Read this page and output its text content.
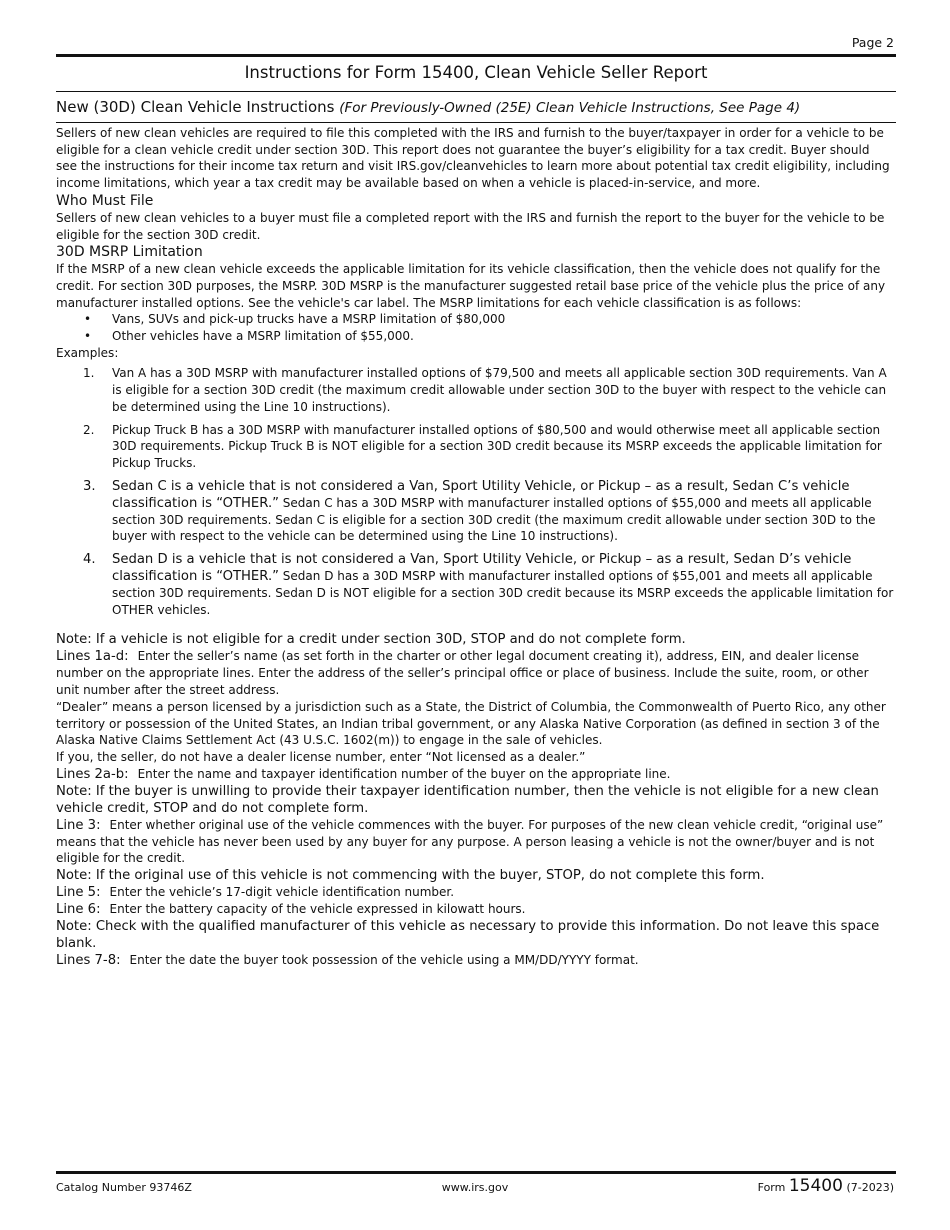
Page 2
Instructions for Form 15400, Clean Vehicle Seller Report
New (30D) Clean Vehicle Instructions (For Previously-Owned (25E) Clean Vehicle Instructions, See Page 4)

Sellers of new clean vehicles are required to file this completed with the IRS and furnish to the buyer/taxpayer in order for a vehicle to be eligible for a clean vehicle credit under section 30D. This report does not guarantee the buyer’s eligibility for a tax credit. Buyer should see the instructions for their income tax return and visit IRS.gov/cleanvehicles to learn more about potential tax credit eligibility, including income limitations, which year a tax credit may be available based on when a vehicle is placed-in-service, and more.

Who Must File

Sellers of new clean vehicles to a buyer must file a completed report with the IRS and furnish the report to the buyer for the vehicle to be eligible for the section 30D credit.

30D MSRP Limitation

If the MSRP of a new clean vehicle exceeds the applicable limitation for its vehicle classification, then the vehicle does not qualify for the credit. For section 30D purposes, the MSRP. 30D MSRP is the manufacturer suggested retail base price of the vehicle plus the price of any manufacturer installed options. See the vehicle's car label. The MSRP limitations for each vehicle classification is as follows:

• Vans, SUVs and pick-up trucks have a MSRP limitation of $80,000
• Other vehicles have a MSRP limitation of $55,000.

Examples:

1. Van A has a 30D MSRP with manufacturer installed options of $79,500 and meets all applicable section 30D requirements. Van A is eligible for a section 30D credit (the maximum credit allowable under section 30D to the buyer with respect to the vehicle can be determined using the Line 10 instructions).
2. Pickup Truck B has a 30D MSRP with manufacturer installed options of $80,500 and would otherwise meet all applicable section 30D requirements. Pickup Truck B is NOT eligible for a section 30D credit because its MSRP exceeds the applicable limitation for Pickup Trucks.
3. Sedan C is a vehicle that is not considered a Van, Sport Utility Vehicle, or Pickup – as a result, Sedan C’s vehicle classification is “OTHER.” Sedan C has a 30D MSRP with manufacturer installed options of $55,000 and meets all applicable section 30D requirements. Sedan C is eligible for a section 30D credit (the maximum credit allowable under section 30D to the buyer with respect to the vehicle can be determined using the Line 10 instructions).
4. Sedan D is a vehicle that is not considered a Van, Sport Utility Vehicle, or Pickup – as a result, Sedan D’s vehicle classification is “OTHER.” Sedan D has a 30D MSRP with manufacturer installed options of $55,001 and meets all applicable section 30D requirements. Sedan D is NOT eligible for a section 30D credit because its MSRP exceeds the applicable limitation for OTHER vehicles.

Note: If a vehicle is not eligible for a credit under section 30D, STOP and do not complete form.

Lines 1a-d: Enter the seller’s name (as set forth in the charter or other legal document creating it), address, EIN, and dealer license number on the appropriate lines. Enter the address of the seller’s principal office or place of business. Include the suite, room, or other unit number after the street address.

“Dealer” means a person licensed by a jurisdiction such as a State, the District of Columbia, the Commonwealth of Puerto Rico, any other territory or possession of the United States, an Indian tribal government, or any Alaska Native Corporation (as defined in section 3 of the Alaska Native Claims Settlement Act (43 U.S.C. 1602(m)) to engage in the sale of vehicles.

If you, the seller, do not have a dealer license number, enter “Not licensed as a dealer.”

Lines 2a-b: Enter the name and taxpayer identification number of the buyer on the appropriate line.

Note: If the buyer is unwilling to provide their taxpayer identification number, then the vehicle is not eligible for a new clean vehicle credit, STOP and do not complete form.

Line 3: Enter whether original use of the vehicle commences with the buyer. For purposes of the new clean vehicle credit, “original use” means that the vehicle has never been used by any buyer for any purpose. A person leasing a vehicle is not the owner/buyer and is not eligible for the credit.

Note: If the original use of this vehicle is not commencing with the buyer, STOP, do not complete this form.

Line 5: Enter the vehicle’s 17-digit vehicle identification number.

Line 6: Enter the battery capacity of the vehicle expressed in kilowatt hours.

Note: Check with the qualified manufacturer of this vehicle as necessary to provide this information. Do not leave this space blank.

Lines 7-8: Enter the date the buyer took possession of the vehicle using a MM/DD/YYYY format.

Catalog Number 93746Z	www.irs.gov	Form 15400 (7-2023)
